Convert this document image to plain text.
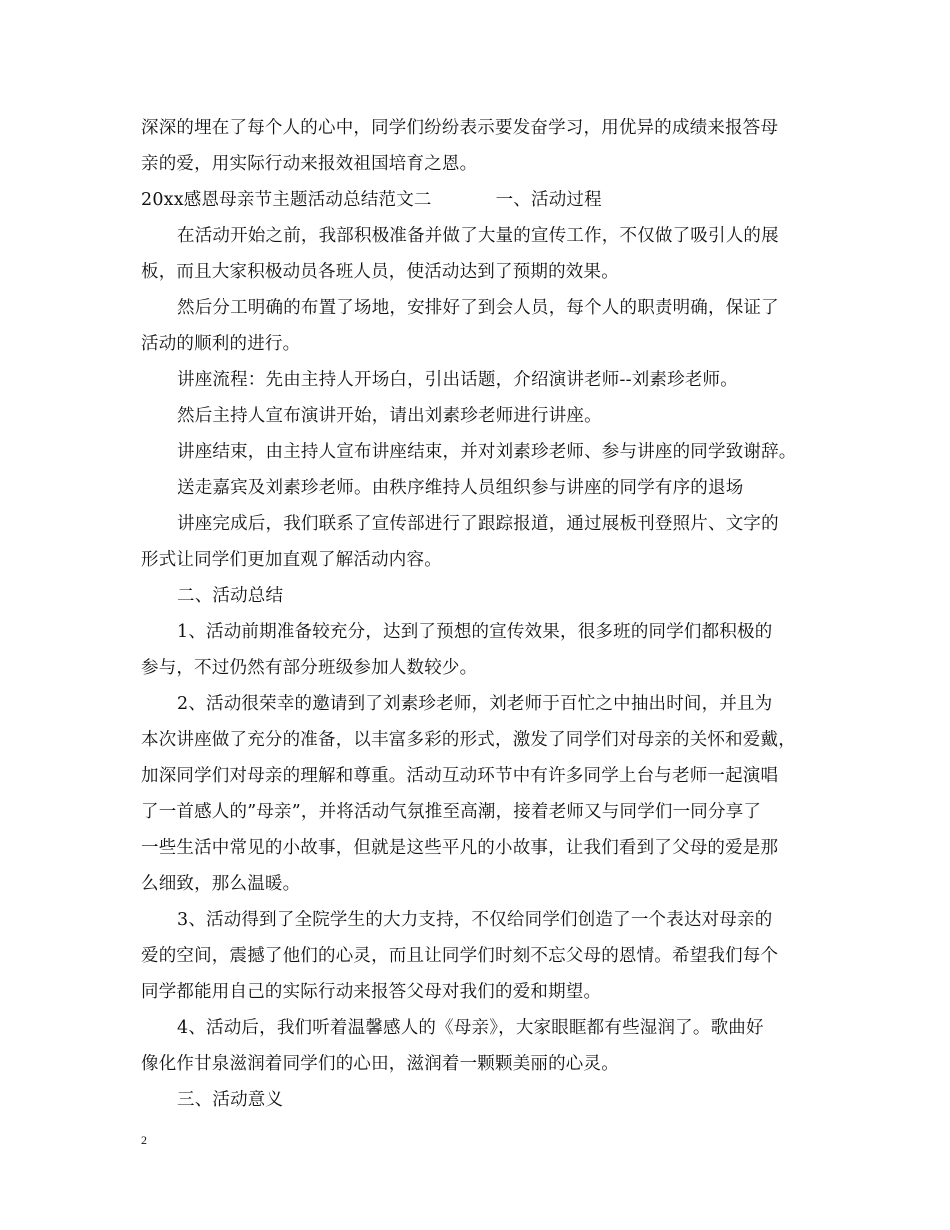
深深的埋在了每个人的心中，同学们纷纷表示要发奋学习，用优异的成绩来报答母
亲的爱，用实际行动来报效祖国培育之恩。
20xx感恩母亲节主题活动总结范文二	一、活动过程
在活动开始之前，我部积极准备并做了大量的宣传工作，不仅做了吸引人的展
板，而且大家积极动员各班人员，使活动达到了预期的效果。
然后分工明确的布置了场地，安排好了到会人员，每个人的职责明确，保证了
活动的顺利的进行。
讲座流程：先由主持人开场白，引出话题，介绍演讲老师--刘素珍老师。
然后主持人宣布演讲开始，请出刘素珍老师进行讲座。
讲座结束，由主持人宣布讲座结束，并对刘素珍老师、参与讲座的同学致谢辞。
送走嘉宾及刘素珍老师。由秩序维持人员组织参与讲座的同学有序的退场
讲座完成后，我们联系了宣传部进行了跟踪报道，通过展板刊登照片、文字的
形式让同学们更加直观了解活动内容。
二、活动总结
1、活动前期准备较充分，达到了预想的宣传效果，很多班的同学们都积极的
参与，不过仍然有部分班级参加人数较少。
2、活动很荣幸的邀请到了刘素珍老师，刘老师于百忙之中抽出时间，并且为
本次讲座做了充分的准备，以丰富多彩的形式，激发了同学们对母亲的关怀和爱戴，
加深同学们对母亲的理解和尊重。活动互动环节中有许多同学上台与老师一起演唱
了一首感人的”母亲”，并将活动气氛推至高潮，接着老师又与同学们一同分享了
一些生活中常见的小故事，但就是这些平凡的小故事，让我们看到了父母的爱是那
么细致，那么温暖。
3、活动得到了全院学生的大力支持，不仅给同学们创造了一个表达对母亲的
爱的空间，震撼了他们的心灵，而且让同学们时刻不忘父母的恩情。希望我们每个
同学都能用自己的实际行动来报答父母对我们的爱和期望。
4、活动后，我们听着温馨感人的《母亲》，大家眼眶都有些湿润了。歌曲好
像化作甘泉滋润着同学们的心田，滋润着一颗颗美丽的心灵。
三、活动意义
2
